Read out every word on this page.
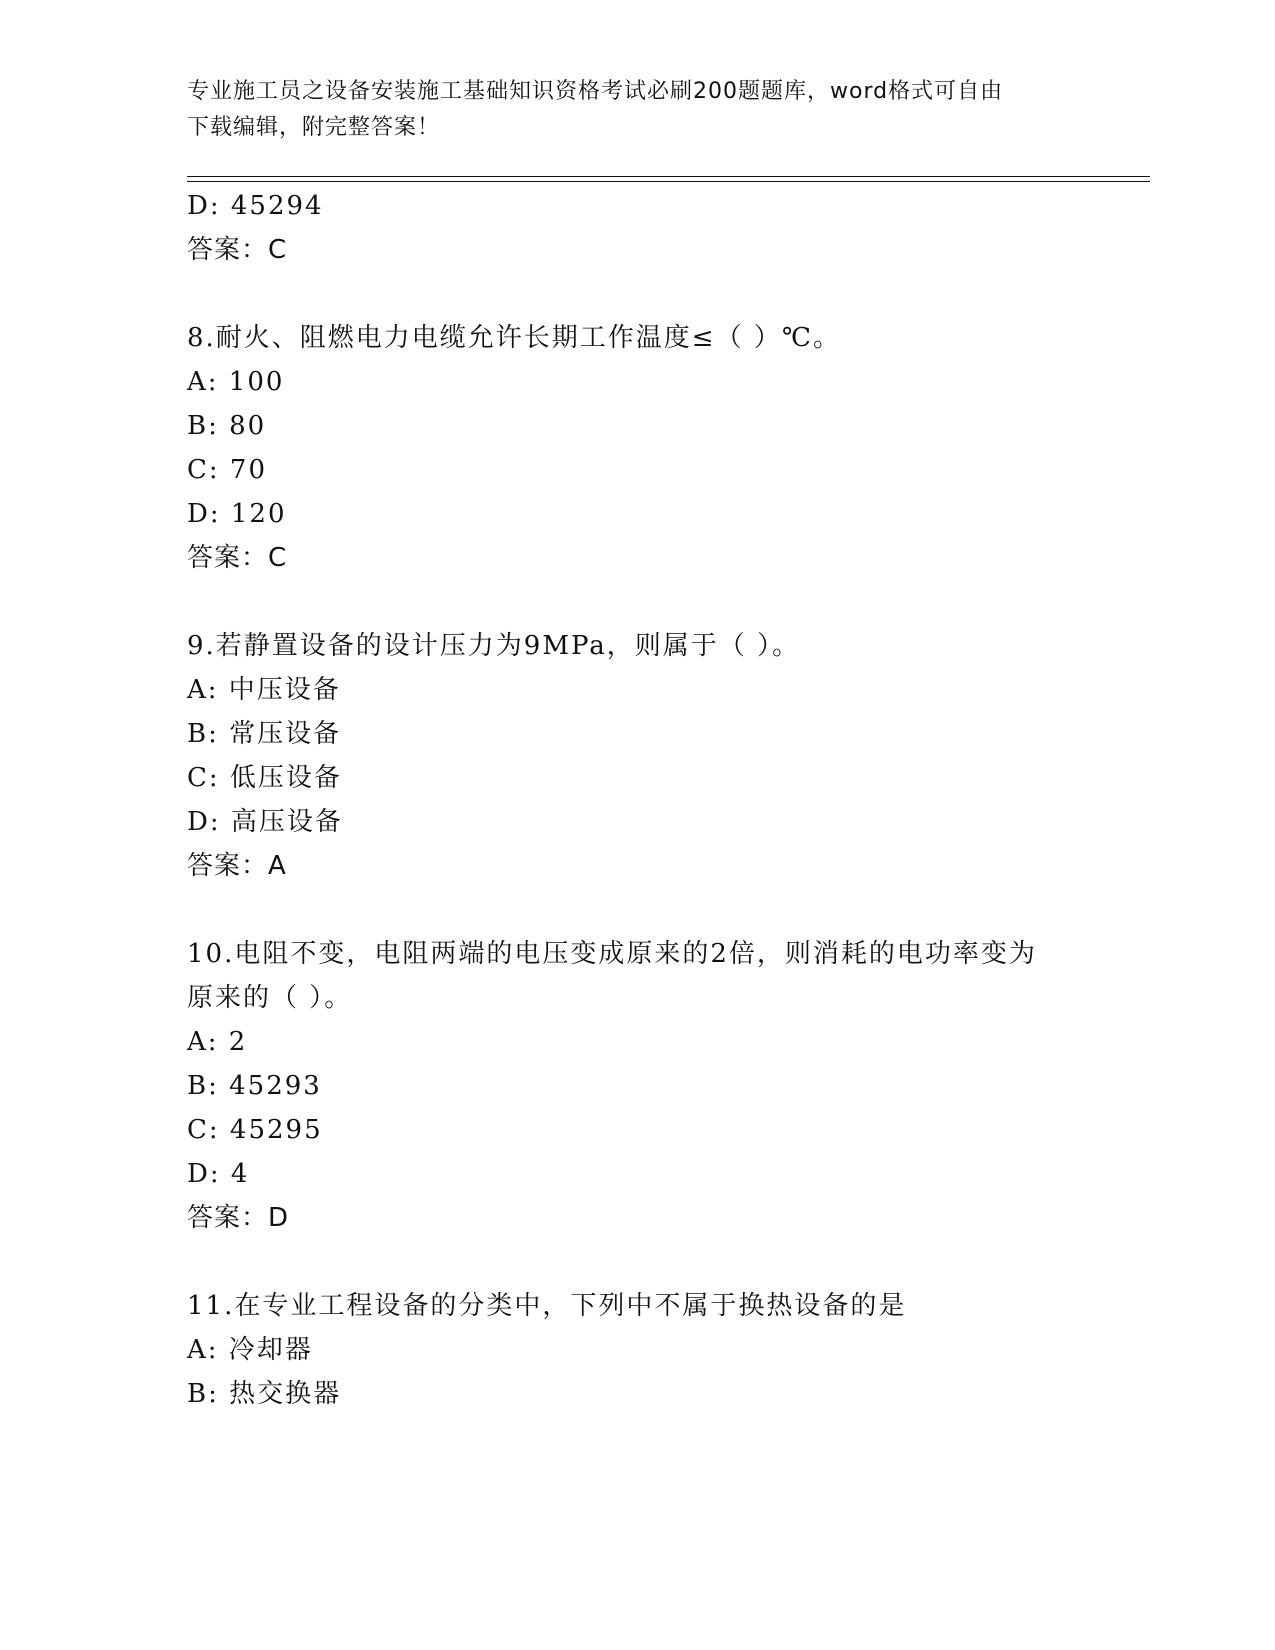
专业施工员之设备安装施工基础知识资格考试必刷200题题库，word格式可自由
下载编辑，附完整答案！
D: 45294
答案：C
8.耐火、阻燃电力电缆允许长期工作温度≤（ ）℃。
A: 100
B: 80
C: 70
D: 120
答案：C
9.若静置设备的设计压力为9MPa，则属于（ ）。
A: 中压设备
B: 常压设备
C: 低压设备
D: 高压设备
答案：A
10.电阻不变，电阻两端的电压变成原来的2倍，则消耗的电功率变为
原来的（ ）。
A: 2
B: 45293
C: 45295
D: 4
答案：D
11.在专业工程设备的分类中，下列中不属于换热设备的是
A: 冷却器
B: 热交换器
